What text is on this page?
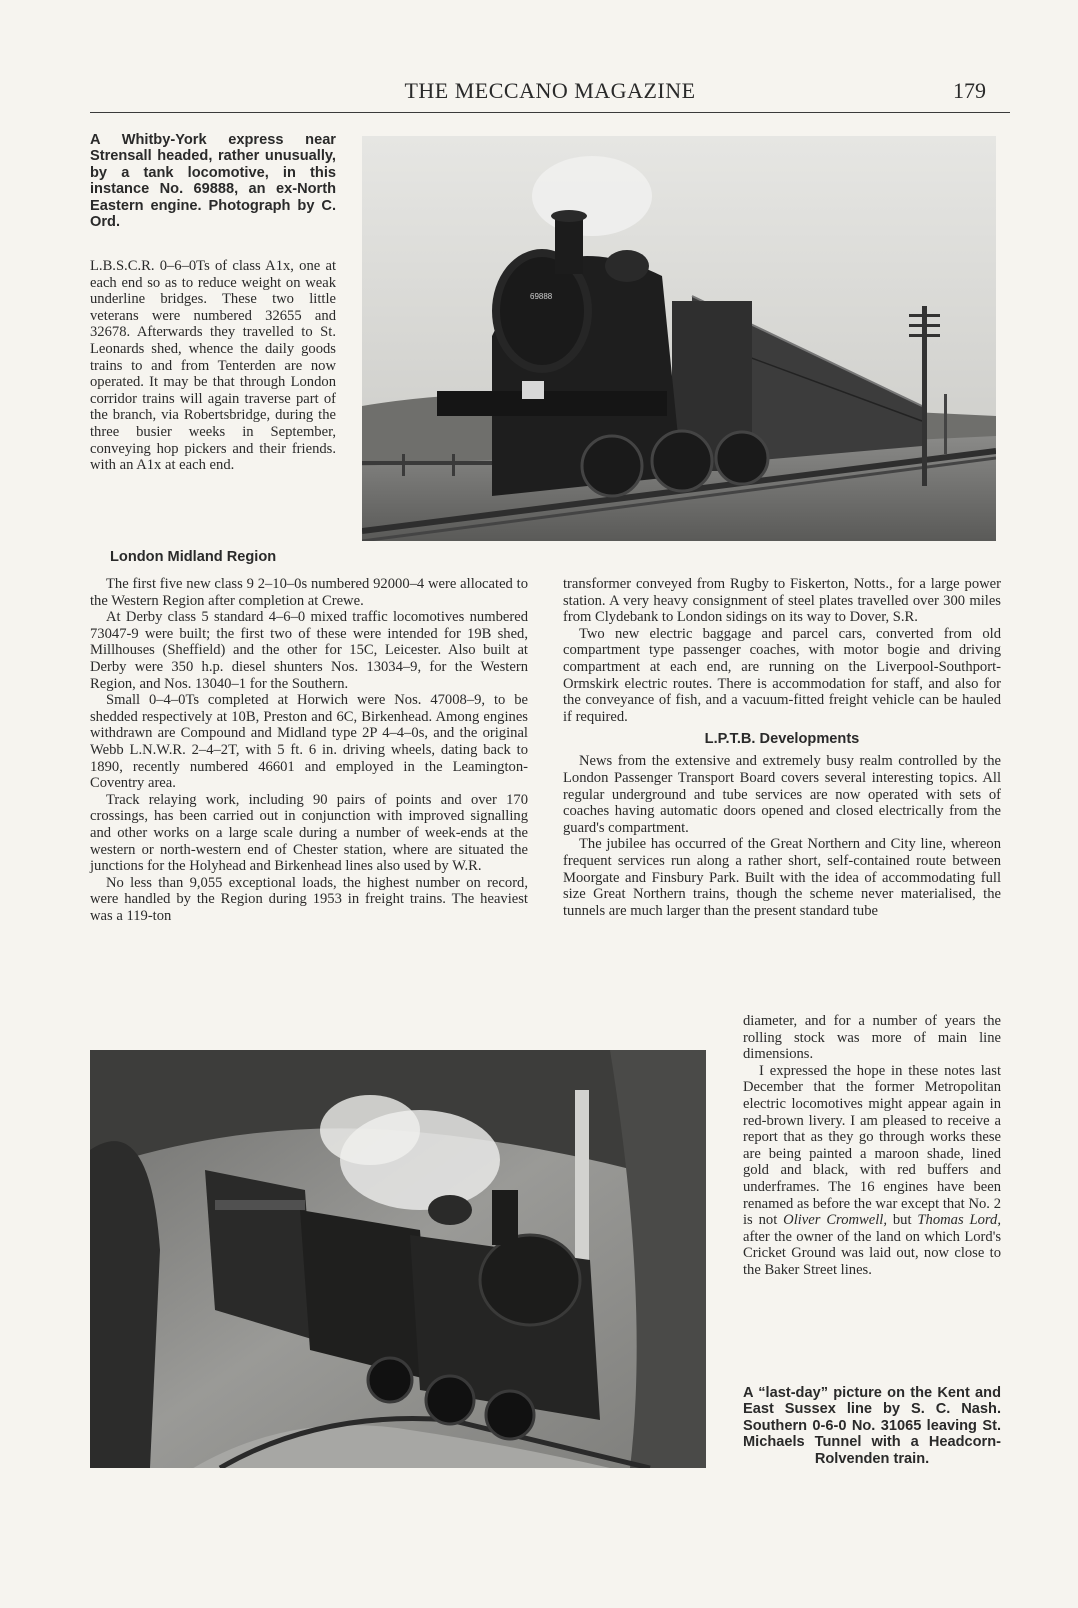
THE MECCANO MAGAZINE	179

A Whitby-York express near Strensall headed, rather unusually, by a tank locomotive, in this instance No. 69888, an ex-North Eastern engine. Photograph by C. Ord.

L.B.S.C.R. 0–6–0Ts of class A1x, one at each end so as to reduce weight on weak underline bridges. These two little veterans were numbered 32655 and 32678. Afterwards they travelled to St. Leonards shed, whence the daily goods trains to and from Tenterden are now operated. It may be that through London corridor trains will again traverse part of the branch, via Robertsbridge, during the three busier weeks in September, conveying hop pickers and their friends. with an A1x at each end.

London Midland Region
69888

The first five new class 9 2–10–0s numbered 92000–4 were allocated to the Western Region after completion at Crewe.

At Derby class 5 standard 4–6–0 mixed traffic locomotives numbered 73047-9 were built; the first two of these were intended for 19B shed, Millhouses (Sheffield) and the other for 15C, Leicester. Also built at Derby were 350 h.p. diesel shunters Nos. 13034–9, for the Western Region, and Nos. 13040–1 for the Southern.

Small 0–4–0Ts completed at Horwich were Nos. 47008–9, to be shedded respectively at 10B, Preston and 6C, Birkenhead. Among engines withdrawn are Compound and Midland type 2P 4–4–0s, and the original Webb L.N.W.R. 2–4–2T, with 5 ft. 6 in. driving wheels, dating back to 1890, recently numbered 46601 and employed in the Leamington-Coventry area.

Track relaying work, including 90 pairs of points and over 170 crossings, has been carried out in conjunction with improved signalling and other works on a large scale during a number of week-ends at the western or north-western end of Chester station, where are situated the junctions for the Holyhead and Birkenhead lines also used by W.R.

No less than 9,055 exceptional loads, the highest number on record, were handled by the Region during 1953 in freight trains. The heaviest was a 119-ton

transformer conveyed from Rugby to Fiskerton, Notts., for a large power station. A very heavy consignment of steel plates travelled over 300 miles from Clydebank to London sidings on its way to Dover, S.R.

Two new electric baggage and parcel cars, converted from old compartment type passenger coaches, with motor bogie and driving compartment at each end, are running on the Liverpool-Southport-Ormskirk electric routes. There is accommodation for staff, and also for the conveyance of fish, and a vacuum-fitted freight vehicle can be hauled if required.

L.P.T.B. Developments

News from the extensive and extremely busy realm controlled by the London Passenger Transport Board covers several interesting topics. All regular underground and tube services are now operated with sets of coaches having automatic doors opened and closed electrically from the guard's compartment.

The jubilee has occurred of the Great Northern and City line, whereon frequent services run along a rather short, self-contained route between Moorgate and Finsbury Park. Built with the idea of accommodating full size Great Northern trains, though the scheme never materialised, the tunnels are much larger than the present standard tube

diameter, and for a number of years the rolling stock was more of main line dimensions.

I expressed the hope in these notes last December that the former Metropolitan electric locomotives might appear again in red-brown livery. I am pleased to receive a report that as they go through works these are being painted a maroon shade, lined gold and black, with red buffers and underframes. The 16 engines have been renamed as before the war except that No. 2 is not Oliver Cromwell, but Thomas Lord, after the owner of the land on which Lord's Cricket Ground was laid out, now close to the Baker Street lines.

A “last-day” picture on the Kent and East Sussex line by S. C. Nash. Southern 0-6-0 No. 31065 leaving St. Michaels Tunnel with a Headcorn-Rolvenden train.
